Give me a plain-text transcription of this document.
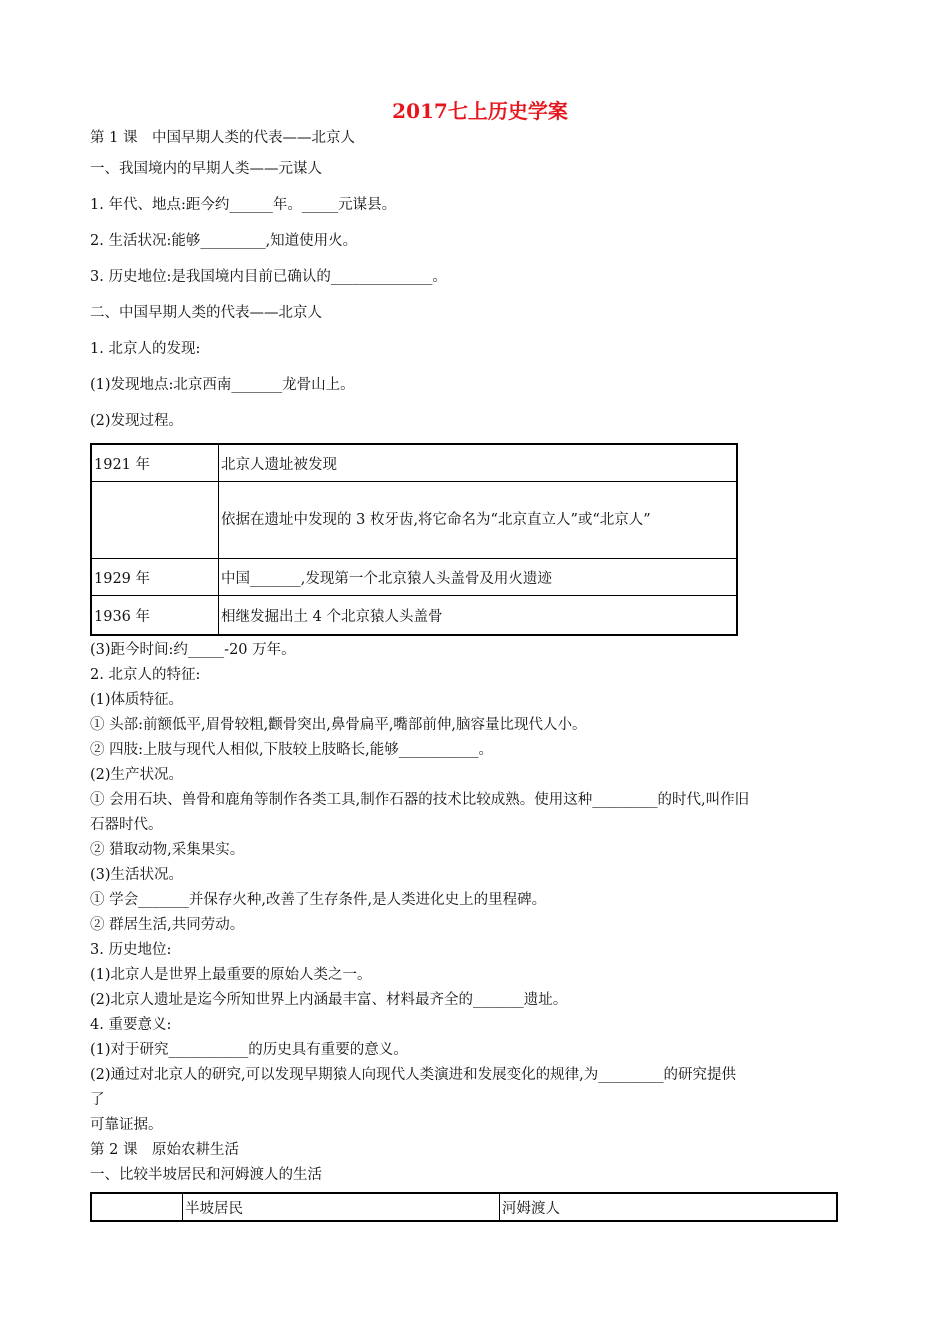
2017七上历史学案
第 1 课　中国早期人类的代表——北京人
一、我国境内的早期人类——元谋人
1. 年代、地点:距今约______年。_____元谋县。
2. 生活状况:能够_________,知道使用火。
3. 历史地位:是我国境内目前已确认的______________。
二、中国早期人类的代表——北京人
1. 北京人的发现:
(1)发现地点:北京西南_______龙骨山上。
(2)发现过程。
1921 年	北京人遗址被发现
	依据在遗址中发现的 3 枚牙齿,将它命名为“北京直立人”或“北京人”
1929 年	中国_______,发现第一个北京猿人头盖骨及用火遗迹
1936 年	相继发掘出土 4 个北京猿人头盖骨
(3)距今时间:约_____-20 万年。
2. 北京人的特征:
(1)体质特征。
① 头部:前额低平,眉骨较粗,颧骨突出,鼻骨扁平,嘴部前伸,脑容量比现代人小。
② 四肢:上肢与现代人相似,下肢较上肢略长,能够___________。
(2)生产状况。
① 会用石块、兽骨和鹿角等制作各类工具,制作石器的技术比较成熟。使用这种_________的时代,叫作旧
石器时代。
② 猎取动物,采集果实。
(3)生活状况。
① 学会_______并保存火种,改善了生存条件,是人类进化史上的里程碑。
② 群居生活,共同劳动。
3. 历史地位:
(1)北京人是世界上最重要的原始人类之一。
(2)北京人遗址是迄今所知世界上内涵最丰富、材料最齐全的_______遗址。
4. 重要意义:
(1)对于研究___________的历史具有重要的意义。
(2)通过对北京人的研究,可以发现早期猿人向现代人类演进和发展变化的规律,为_________的研究提供
了
可靠证据。
第 2 课　原始农耕生活
一、比较半坡居民和河姆渡人的生活
	半坡居民	河姆渡人
